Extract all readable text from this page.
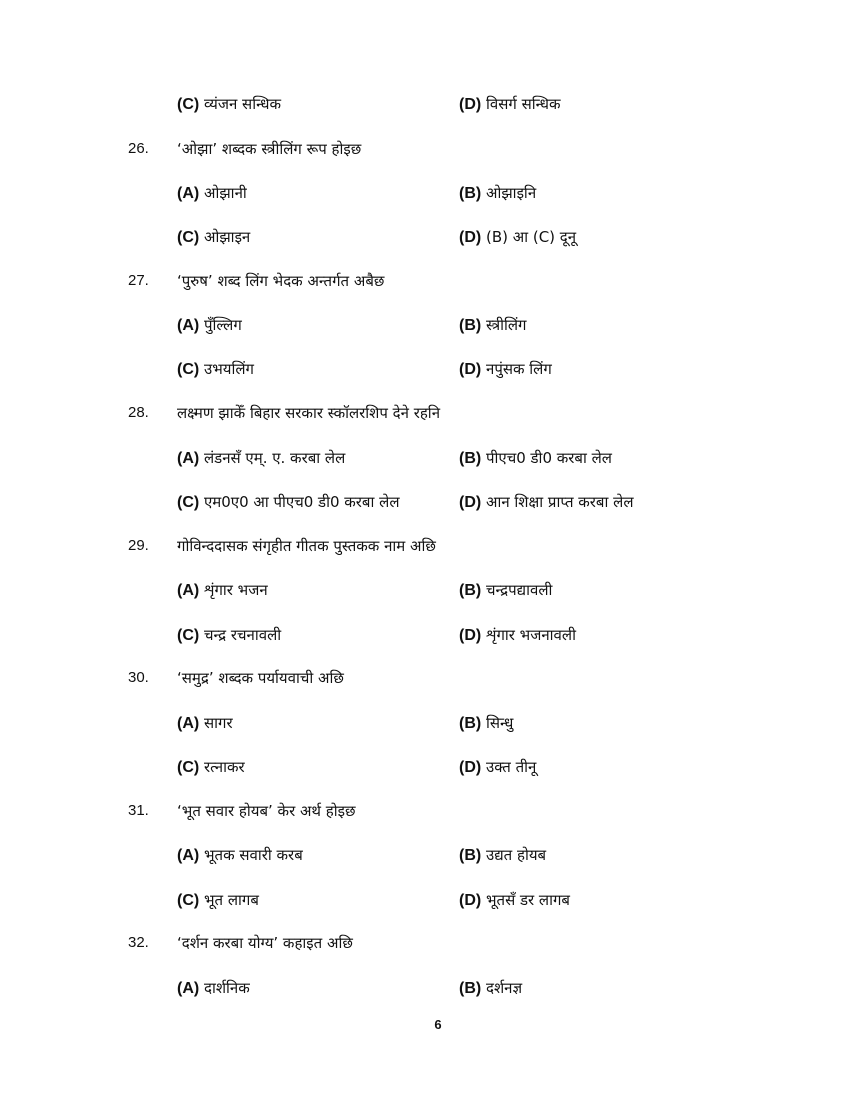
(C) व्यंजन सन्धिक	(D) विसर्ग सन्धिक
26. ‘ओझा’ शब्दक स्त्रीलिंग रूप होइछ
(A) ओझानी	(B) ओझाइनि
(C) ओझाइन	(D) (B) आ (C) दूनू
27. ‘पुरुष’ शब्द लिंग भेदक अन्तर्गत अबैछ
(A) पुँल्लिग	(B) स्त्रीलिंग
(C) उभयलिंग	(D) नपुंसक लिंग
28. लक्ष्मण झाकेँ बिहार सरकार स्कॉलरशिप देने रहनि
(A) लंडनसँ एम्. ए. करबा लेल	(B) पीएच0 डी0 करबा लेल
(C) एम0ए0 आ पीएच0 डी0 करबा लेल	(D) आन शिक्षा प्राप्त करबा लेल
29. गोविन्ददासक संगृहीत गीतक पुस्तकक नाम अछि
(A) शृंगार भजन	(B) चन्द्रपद्यावली
(C) चन्द्र रचनावली	(D) शृंगार भजनावली
30. ‘समुद्र’ शब्दक पर्यायवाची अछि
(A) सागर	(B) सिन्धु
(C) रत्नाकर	(D) उक्त तीनू
31. ‘भूत सवार होयब’ केर अर्थ होइछ
(A) भूतक सवारी करब	(B) उद्यत होयब
(C) भूत लागब	(D) भूतसँ डर लागब
32. ‘दर्शन करबा योग्य’ कहाइत अछि
(A) दार्शनिक	(B) दर्शनज्ञ
6
